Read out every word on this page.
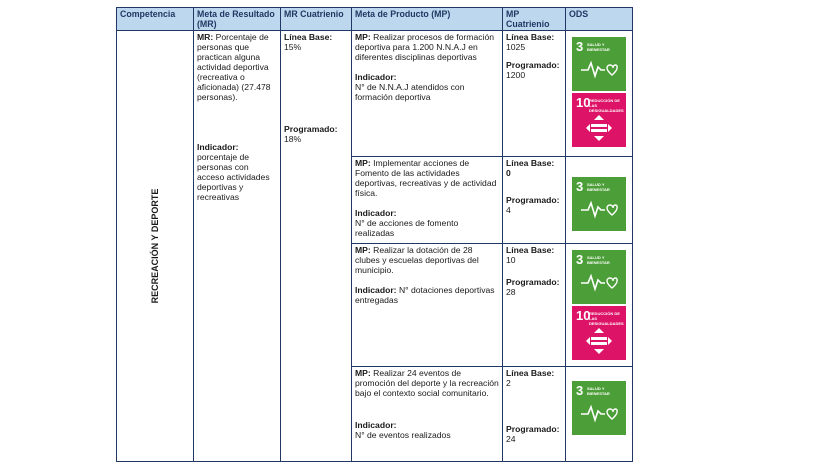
Competencia	Meta de Resultado (MR)	MR Cuatrienio	Meta de Producto (MP)	MP Cuatrienio	ODS

RECREACIÓN Y DEPORTE	MR: Porcentaje de personas que practican alguna actividad deportiva (recreativa o aficionada) (27.478 personas).
Indicador:
porcentaje de personas con acceso actividades deportivas y recreativas	Línea Base:
15%
Programado:
18%	MP: Realizar procesos de formación deportiva para 1.200 N.N.A.J en diferentes disciplinas deportivas
Indicador:
N° de N.N.A.J atendidos con formación deportiva	Línea Base:
1025
Programado:
1200	3 SALUD Y BIENESTAR
10
REDUCCIÓN DE LAS DESIGUALDADES

			MP: Implementar acciones de Fomento de las actividades deportivas, recreativas y de actividad física.
Indicador:
N° de acciones de fomento realizadas	Línea Base:
0
Programado:
4	3 SALUD Y BIENESTAR

			MP: Realizar la dotación de 28 clubes y escuelas deportivas del municipio.
Indicador: N° dotaciones deportivas entregadas	Línea Base:
10
Programado:
28	3 SALUD Y BIENESTAR
10
REDUCCIÓN DE LAS DESIGUALDADES

			MP: Realizar 24 eventos de promoción del deporte y la recreación bajo el contexto social comunitario.
Indicador:
N° de eventos realizados	Línea Base:
2
Programado:
24	3 SALUD Y BIENESTAR
